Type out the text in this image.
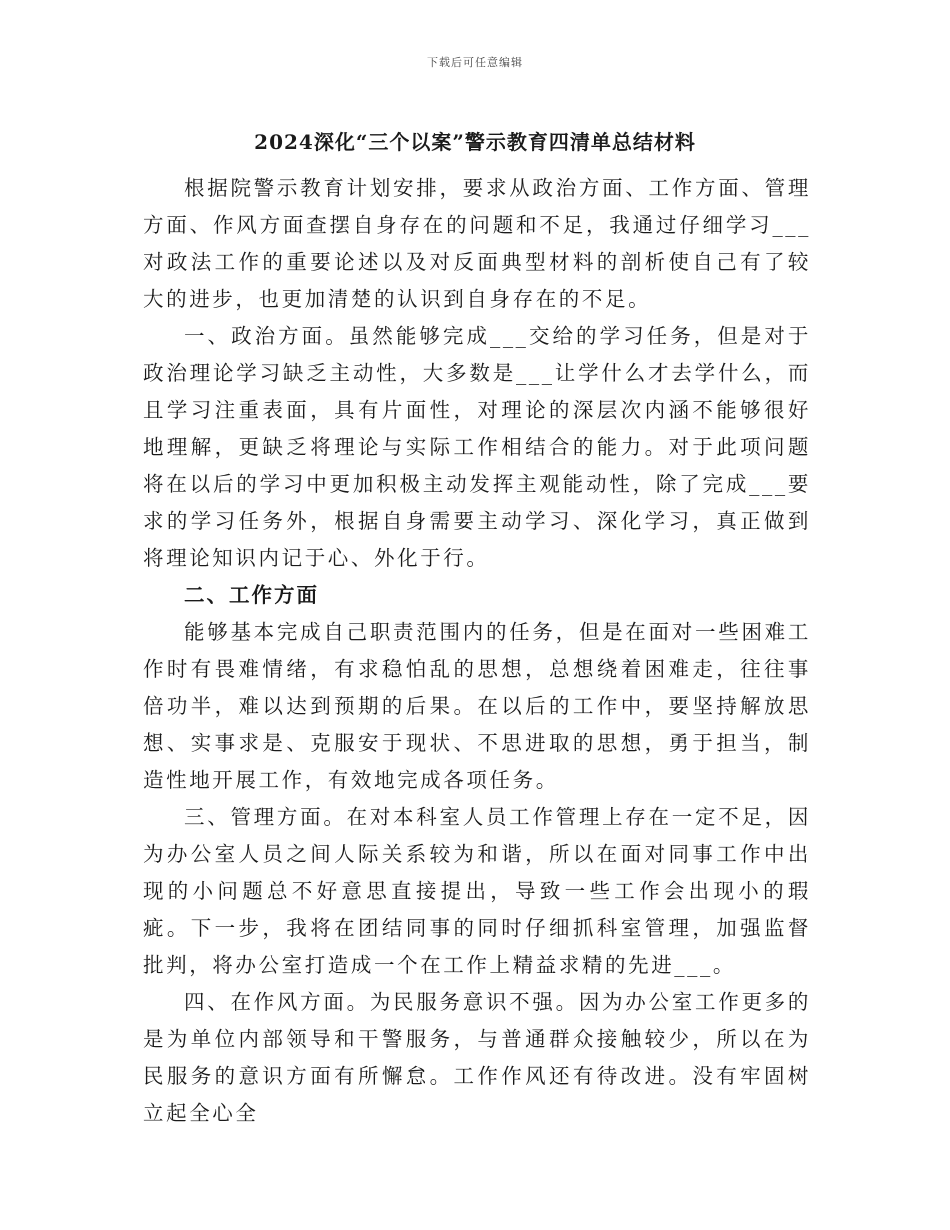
下载后可任意编辑
2024深化“三个以案”警示教育四清单总结材料

根据院警示教育计划安排，要求从政治方面、工作方面、管理方面、作风方面查摆自身存在的问题和不足，我通过仔细学习___对政法工作的重要论述以及对反面典型材料的剖析使自己有了较大的进步，也更加清楚的认识到自身存在的不足。

一、政治方面。虽然能够完成___交给的学习任务，但是对于政治理论学习缺乏主动性，大多数是___让学什么才去学什么，而且学习注重表面，具有片面性，对理论的深层次内涵不能够很好地理解，更缺乏将理论与实际工作相结合的能力。对于此项问题将在以后的学习中更加积极主动发挥主观能动性，除了完成___要求的学习任务外，根据自身需要主动学习、深化学习，真正做到将理论知识内记于心、外化于行。

二、工作方面

能够基本完成自己职责范围内的任务，但是在面对一些困难工作时有畏难情绪，有求稳怕乱的思想，总想绕着困难走，往往事倍功半，难以达到预期的后果。在以后的工作中，要坚持解放思想、实事求是、克服安于现状、不思进取的思想，勇于担当，制造性地开展工作，有效地完成各项任务。

三、管理方面。在对本科室人员工作管理上存在一定不足，因为办公室人员之间人际关系较为和谐，所以在面对同事工作中出现的小问题总不好意思直接提出，导致一些工作会出现小的瑕疵。下一步，我将在团结同事的同时仔细抓科室管理，加强监督批判，将办公室打造成一个在工作上精益求精的先进___。

四、在作风方面。为民服务意识不强。因为办公室工作更多的是为单位内部领导和干警服务，与普通群众接触较少，所以在为民服务的意识方面有所懈怠。工作作风还有待改进。没有牢固树立起全心全
